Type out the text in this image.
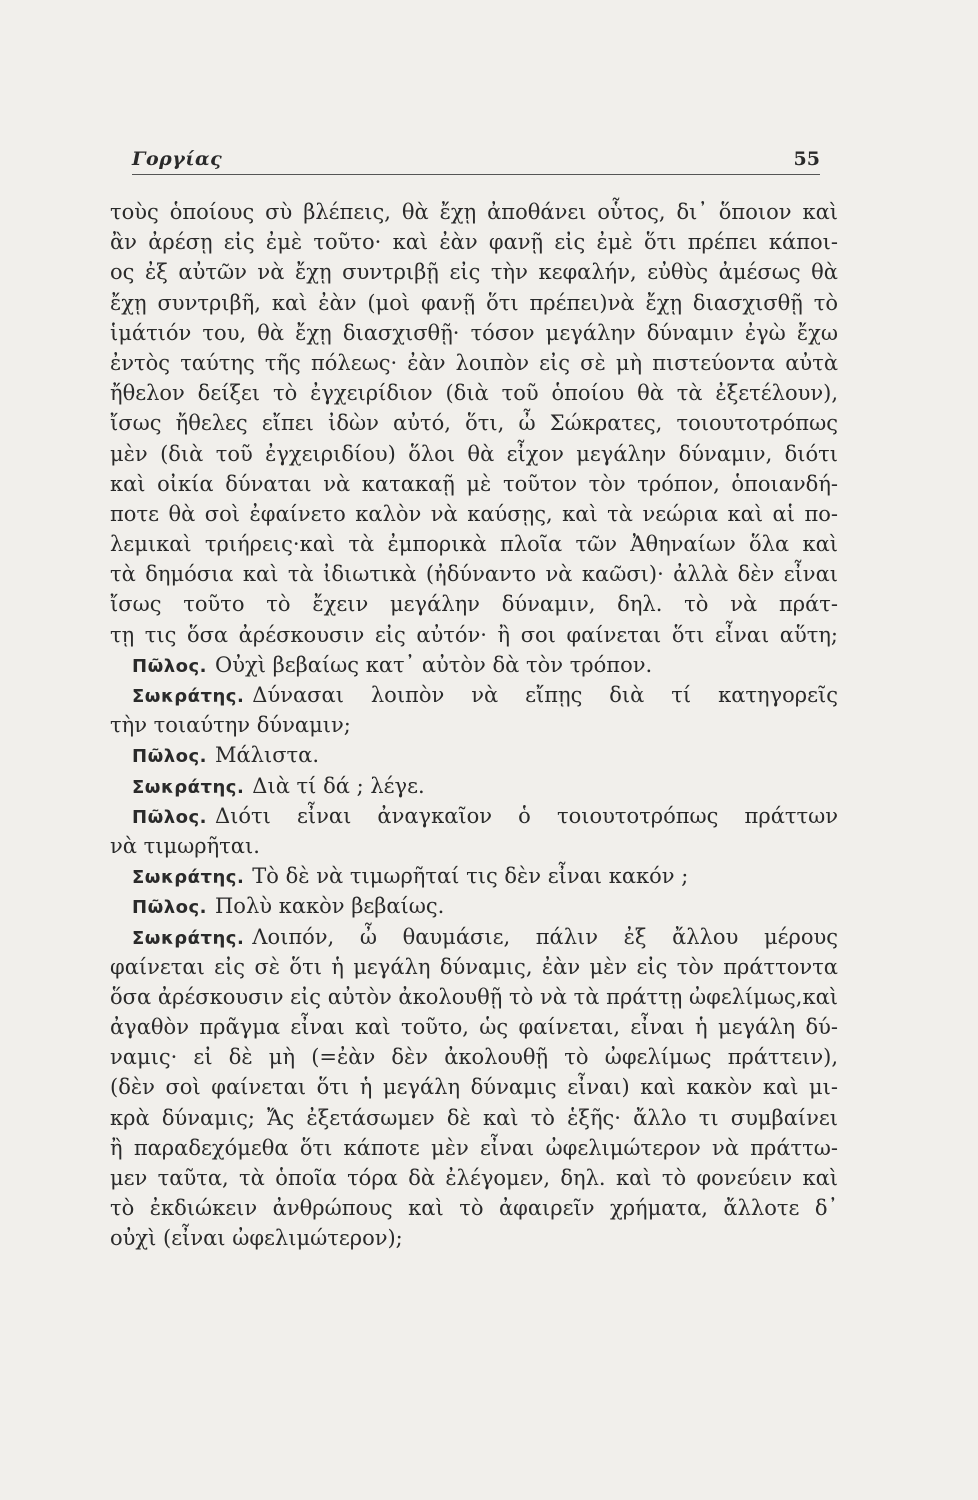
Γοργίας	55
τοὺς ὁποίους σὺ βλέπεις, θὰ ἔχῃ ἀποθάνει οὗτος, δι᾿ ὅποιον καὶ
ἂν ἀρέσῃ εἰς ἐμὲ τοῦτο· καὶ ἐὰν φανῇ εἰς ἐμὲ ὅτι πρέπει κάποι-
ος ἐξ αὐτῶν νὰ ἔχῃ συντριβῇ εἰς τὴν κεφαλήν, εὐθὺς ἀμέσως θὰ
ἔχῃ συντριβῆ, καὶ ἐὰν (μοὶ φανῇ ὅτι πρέπει)νὰ ἔχῃ διασχισθῇ τὸ
ἱμάτιόν του, θὰ ἔχῃ διασχισθῇ· τόσον μεγάλην δύναμιν ἐγὼ ἔχω
ἐντὸς ταύτης τῆς πόλεως· ἐὰν λοιπὸν εἰς σὲ μὴ πιστεύοντα αὐτὰ
ἤθελον δείξει τὸ ἐγχειρίδιον (διὰ τοῦ ὁποίου θὰ τὰ ἐξετέλουν),
ἴσως ἤθελες εἴπει ἰδὼν αὐτό, ὅτι, ὦ Σώκρατες, τοιουτοτρόπως
μὲν (διὰ τοῦ ἐγχειριδίου) ὅλοι θὰ εἶχον μεγάλην δύναμιν, διότι
καὶ οἰκία δύναται νὰ κατακαῇ μὲ τοῦτον τὸν τρόπον, ὁποιανδή-
ποτε θὰ σοὶ ἐφαίνετο καλὸν νὰ καύσῃς, καὶ τὰ νεώρια καὶ αἱ πο-
λεμικαὶ τριήρεις·καὶ τὰ ἐμπορικὰ πλοῖα τῶν Ἀθηναίων ὅλα καὶ
τὰ δημόσια καὶ τὰ ἰδιωτικὰ (ἠδύναντο νὰ καῶσι)· ἀλλὰ δὲν εἶναι
ἴσως τοῦτο τὸ ἔχειν μεγάλην δύναμιν, δηλ. τὸ νὰ πράτ-
τῃ τις ὅσα ἀρέσκουσιν εἰς αὐτόν· ἢ σοι φαίνεται ὅτι εἶναι αὕτη;
Πῶλος. Οὐχὶ βεβαίως κατ᾿ αὐτὸν δὰ τὸν τρόπον.
Σωκράτης. Δύνασαι λοιπὸν νὰ εἴπῃς διὰ τί κατηγορεῖς
τὴν τοιαύτην δύναμιν;
Πῶλος. Μάλιστα.
Σωκράτης. Διὰ τί δά ; λέγε.
Πῶλος. Διότι εἶναι ἀναγκαῖον ὁ τοιουτοτρόπως πράττων
νὰ τιμωρῆται.
Σωκράτης. Τὸ δὲ νὰ τιμωρῆταί τις δὲν εἶναι κακόν ;
Πῶλος. Πολὺ κακὸν βεβαίως.
Σωκράτης. Λοιπόν, ὦ θαυμάσιε, πάλιν ἐξ ἄλλου μέρους
φαίνεται εἰς σὲ ὅτι ἡ μεγάλη δύναμις, ἐὰν μὲν εἰς τὸν πράττοντα
ὅσα ἀρέσκουσιν εἰς αὐτὸν ἀκολουθῇ τὸ νὰ τὰ πράττῃ ὠφελίμως,καὶ
ἀγαθὸν πρᾶγμα εἶναι καὶ τοῦτο, ὡς φαίνεται, εἶναι ἡ μεγάλη δύ-
ναμις· εἰ δὲ μὴ (=ἐὰν δὲν ἀκολουθῇ τὸ ὠφελίμως πράττειν),
(δὲν σοὶ φαίνεται ὅτι ἡ μεγάλη δύναμις εἶναι) καὶ κακὸν καὶ μι-
κρὰ δύναμις; Ἄς ἐξετάσωμεν δὲ καὶ τὸ ἑξῆς· ἄλλο τι συμβαίνει
ἢ παραδεχόμεθα ὅτι κάποτε μὲν εἶναι ὠφελιμώτερον νὰ πράττω-
μεν ταῦτα, τὰ ὁποῖα τόρα δὰ ἐλέγομεν, δηλ. καὶ τὸ φονεύειν καὶ
τὸ ἐκδιώκειν ἀνθρώπους καὶ τὸ ἀφαιρεῖν χρήματα, ἄλλοτε δ᾿
οὐχὶ (εἶναι ὠφελιμώτερον);
